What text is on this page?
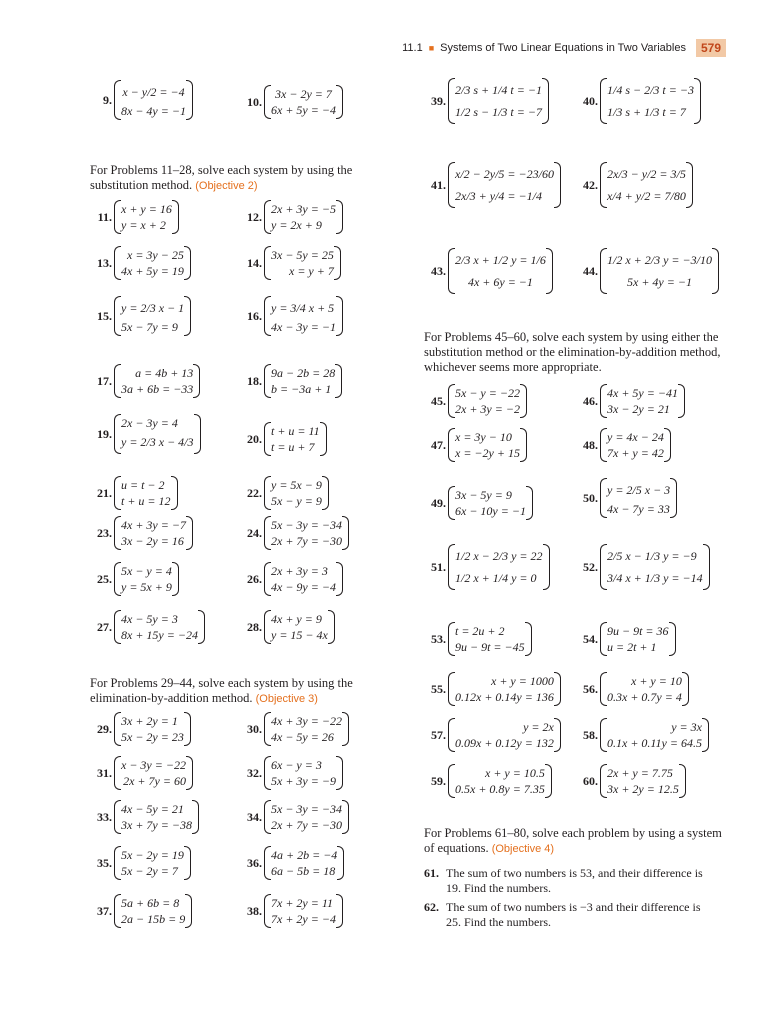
11.1 ■ Systems of Two Linear Equations in Two Variables	579
9.
x − y/2 = −4
8x − 4y = −1
10.
3x − 2y = 7
6x + 5y = −4
For Problems 11–28, solve each system by using the substitution method. (Objective 2)
11.
x + y = 16
y = x + 2
12.
2x + 3y = −5
y = 2x + 9
13.
x = 3y − 25
4x + 5y = 19
14.
3x − 5y = 25
x = y + 7
15.
y = 2/3 x − 1
5x − 7y = 9
16.
y = 3/4 x + 5
4x − 3y = −1
17.
a = 4b + 13
3a + 6b = −33
18.
9a − 2b = 28
b = −3a + 1
19.
2x − 3y = 4
y = 2/3 x − 4/3	20.
t + u = 11
t = u + 7
21.
u = t − 2
t + u = 12
22.
y = 5x − 9
5x − y = 9
23.
4x + 3y = −7
3x − 2y = 16
24.
5x − 3y = −34
2x + 7y = −30
25.
5x − y = 4
y = 5x + 9
26.
2x + 3y = 3
4x − 9y = −4
27.
4x − 5y = 3
8x + 15y = −24
28.
4x + y = 9
y = 15 − 4x
For Problems 29–44, solve each system by using the elimination-by-addition method. (Objective 3)
29.
3x + 2y = 1
5x − 2y = 23
30.
4x + 3y = −22
4x − 5y = 26
31.
x − 3y = −22
2x + 7y = 60
32.
6x − y = 3
5x + 3y = −9
33.
4x − 5y = 21
3x + 7y = −38
34.
5x − 3y = −34
2x + 7y = −30
35.
5x − 2y = 19
5x − 2y = 7
36.
4a + 2b = −4
6a − 5b = 18
37.
5a + 6b = 8
2a − 15b = 9
38.
7x + 2y = 11
7x + 2y = −4
39.
2/3 s + 1/4 t = −1
1/2 s − 1/3 t = −7
40.
1/4 s − 2/3 t = −3
1/3 s + 1/3 t = 7
41.
x/2 − 2y/5 = −23/60
2x/3 + y/4 = −1/4
42.
2x/3 − y/2 = 3/5
x/4 + y/2 = 7/80
43.
2/3 x + 1/2 y = 1/6
4x + 6y = −1
44.
1/2 x + 2/3 y = −3/10
5x + 4y = −1
For Problems 45–60, solve each system by using either the substitution method or the elimination-by-addition method, whichever seems more appropriate.
45.
5x − y = −22
2x + 3y = −2
46.
4x + 5y = −41
3x − 2y = 21
47.
x = 3y − 10
x = −2y + 15
48.
y = 4x − 24
7x + y = 42
49.
3x − 5y = 9
6x − 10y = −1
50.
y = 2/5 x − 3
4x − 7y = 33
51.
1/2 x − 2/3 y = 22
1/2 x + 1/4 y = 0
52.
2/5 x − 1/3 y = −9
3/4 x + 1/3 y = −14
53.
t = 2u + 2
9u − 9t = −45
54.
9u − 9t = 36
u = 2t + 1
55.
x + y = 1000
0.12x + 0.14y = 136
56.
x + y = 10
0.3x + 0.7y = 4
57.
y = 2x
0.09x + 0.12y = 132
58.
y = 3x
0.1x + 0.11y = 64.5
59.
x + y = 10.5
0.5x + 0.8y = 7.35
60.
2x + y = 7.75
3x + 2y = 12.5
For Problems 61–80, solve each problem by using a system of equations. (Objective 4)
61. The sum of two numbers is 53, and their difference is 19. Find the numbers.
62. The sum of two numbers is −3 and their difference is 25. Find the numbers.
